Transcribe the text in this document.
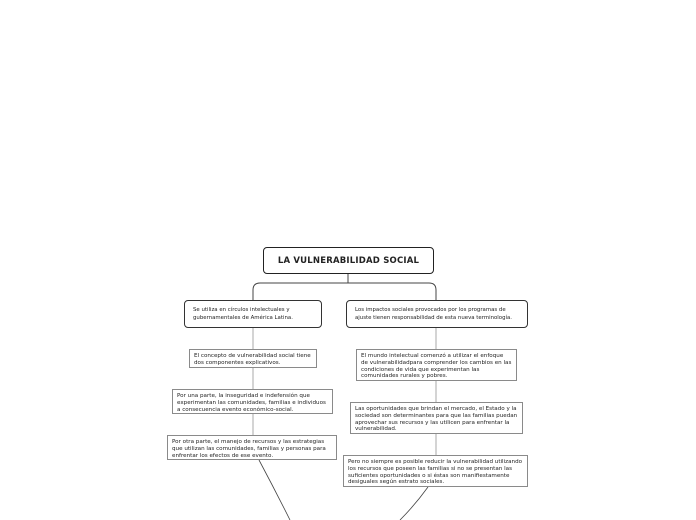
LA VULNERABILIDAD SOCIAL
Se utiliza en círculos intelectuales y gubernamentales de América Latina.
Los impactos sociales provocados por los programas de ajuste tienen responsabilidad de esta nueva terminología.
El concepto de vulnerabilidad social tiene dos componentes explicativos.
Por una parte, la inseguridad e indefensión que experimentan las comunidades, familias e individuos a consecuencia evento económico-social.
Por otra parte, el manejo de recursos y las estrategias que utilizan las comunidades, familias y personas para enfrentar los efectos de ese evento.
El mundo intelectual comenzó a utilizar el enfoque de vulnerabilidadpara comprender los cambios en las condiciones de vida que experimentan las comunidades rurales y pobres.
Las oportunidades que brindan el mercado, el Estado y la sociedad son determinantes para que las familias puedan aprovechar sus recursos y las utilicen para enfrentar la vulnerabilidad.
Pero no siempre es posible reducir la vulnerabilidad utilizando los recursos que poseen las familias si no se presentan las suficientes oportunidades o si éstas son manifiestamente desiguales según estrato sociales.
